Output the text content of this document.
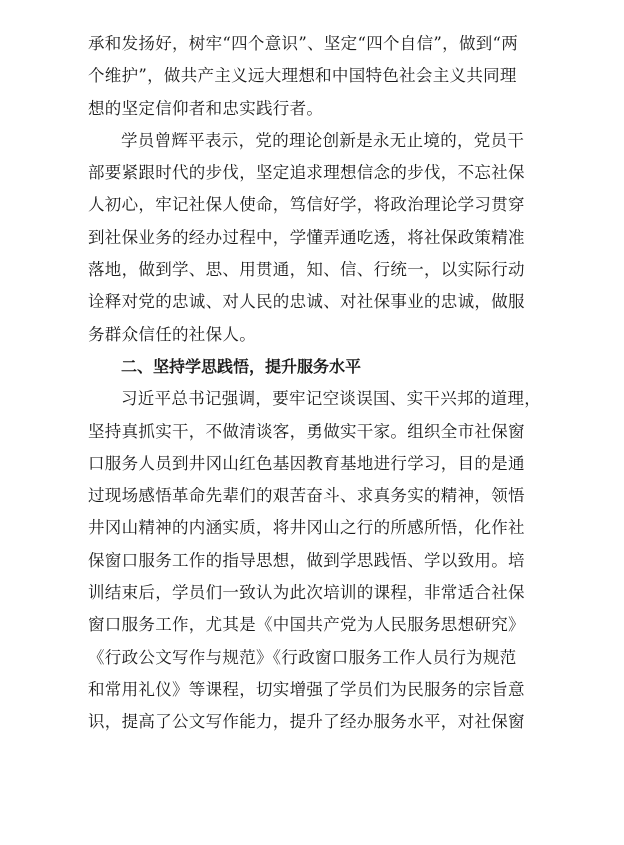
承和发扬好，树牢“四个意识”、坚定“四个自信”，做到“两
个维护”，做共产主义远大理想和中国特色社会主义共同理
想的坚定信仰者和忠实践行者。
学员曾辉平表示，党的理论创新是永无止境的，党员干
部要紧跟时代的步伐，坚定追求理想信念的步伐，不忘社保
人初心，牢记社保人使命，笃信好学，将政治理论学习贯穿
到社保业务的经办过程中，学懂弄通吃透，将社保政策精准
落地，做到学、思、用贯通，知、信、行统一，以实际行动
诠释对党的忠诚、对人民的忠诚、对社保事业的忠诚，做服
务群众信任的社保人。
二、坚持学思践悟，提升服务水平
习近平总书记强调，要牢记空谈误国、实干兴邦的道理，
坚持真抓实干，不做清谈客，勇做实干家。组织全市社保窗
口服务人员到井冈山红色基因教育基地进行学习，目的是通
过现场感悟革命先辈们的艰苦奋斗、求真务实的精神，领悟
井冈山精神的内涵实质，将井冈山之行的所感所悟，化作社
保窗口服务工作的指导思想，做到学思践悟、学以致用。培
训结束后，学员们一致认为此次培训的课程，非常适合社保
窗口服务工作，尤其是《中国共产党为人民服务思想研究》
《行政公文写作与规范》《行政窗口服务工作人员行为规范
和常用礼仪》等课程，切实增强了学员们为民服务的宗旨意
识，提高了公文写作能力，提升了经办服务水平，对社保窗
